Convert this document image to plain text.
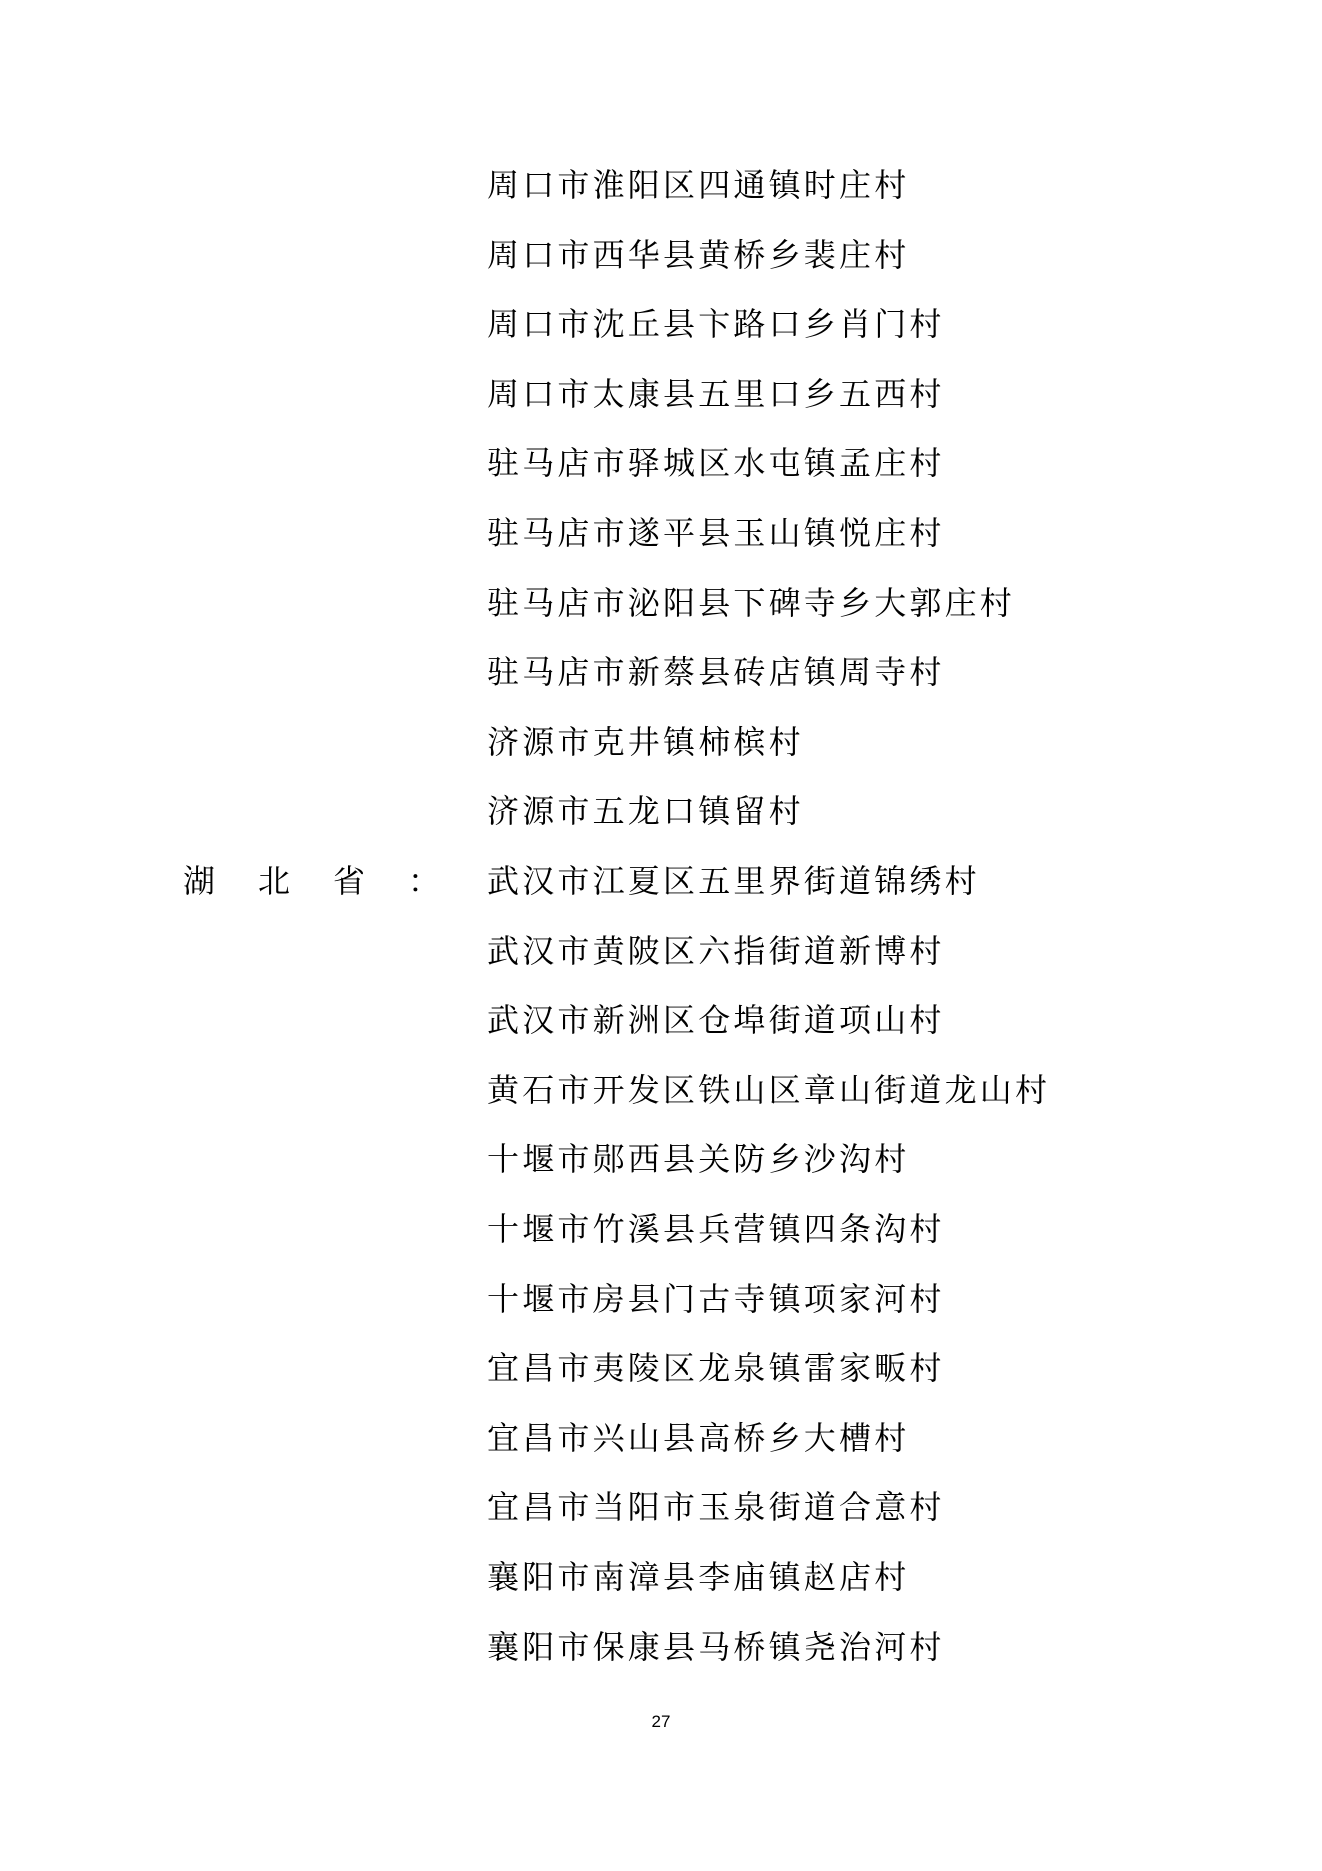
周口市淮阳区四通镇时庄村
周口市西华县黄桥乡裴庄村
周口市沈丘县卞路口乡肖门村
周口市太康县五里口乡五西村
驻马店市驿城区水屯镇孟庄村
驻马店市遂平县玉山镇悦庄村
驻马店市泌阳县下碑寺乡大郭庄村
驻马店市新蔡县砖店镇周寺村
济源市克井镇柿槟村
济源市五龙口镇留村
湖 北 省 ： 武汉市江夏区五里界街道锦绣村
武汉市黄陂区六指街道新博村
武汉市新洲区仓埠街道项山村
黄石市开发区铁山区章山街道龙山村
十堰市郧西县关防乡沙沟村
十堰市竹溪县兵营镇四条沟村
十堰市房县门古寺镇项家河村
宜昌市夷陵区龙泉镇雷家畈村
宜昌市兴山县高桥乡大槽村
宜昌市当阳市玉泉街道合意村
襄阳市南漳县李庙镇赵店村
襄阳市保康县马桥镇尧治河村
27
